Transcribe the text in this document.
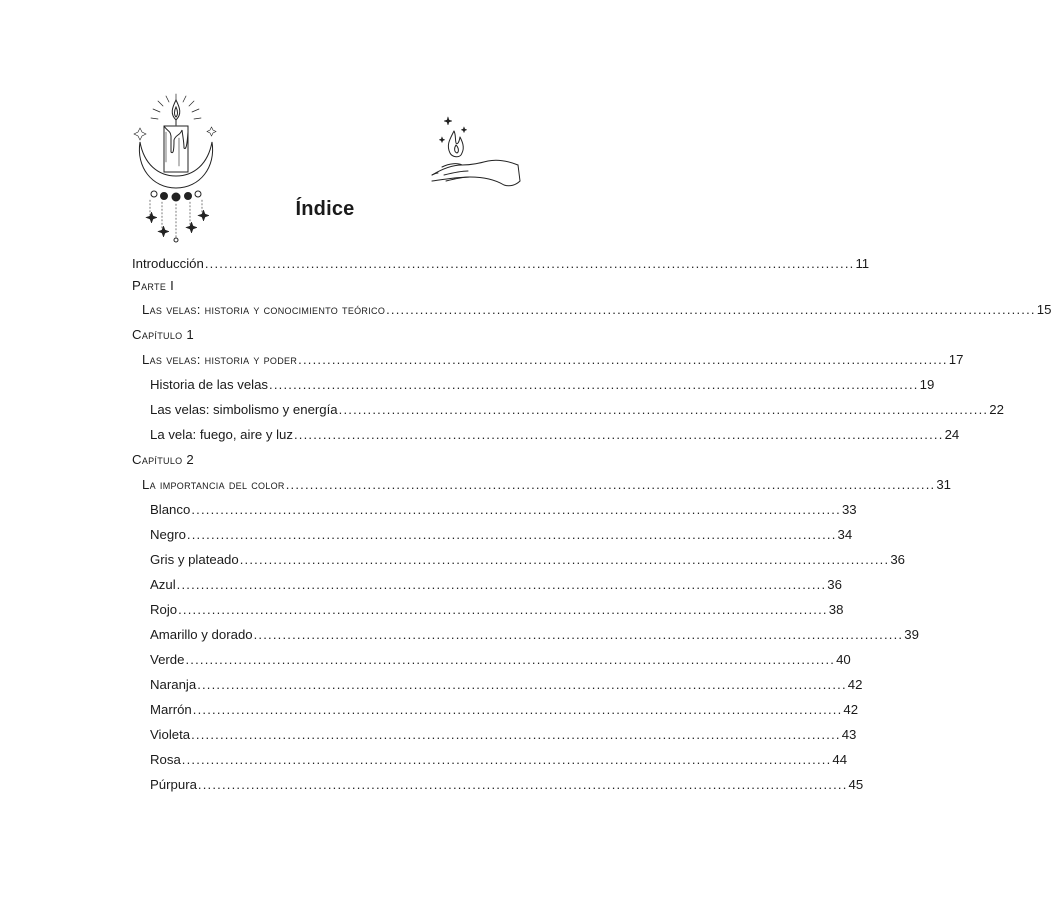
Índice
Introducción ....................................................................................................................................... 11
Parte I
Las velas: historia y conocimiento teórico ....................................................................................................................................... 15
Capítulo 1
Las velas: historia y poder ....................................................................................................................................... 17
Historia de las velas ....................................................................................................................................... 19
Las velas: simbolismo y energía ....................................................................................................................................... 22
La vela: fuego, aire y luz ....................................................................................................................................... 24
Capítulo 2
La importancia del color ....................................................................................................................................... 31
Blanco ....................................................................................................................................... 33
Negro ....................................................................................................................................... 34
Gris y plateado ....................................................................................................................................... 36
Azul ....................................................................................................................................... 36
Rojo ....................................................................................................................................... 38
Amarillo y dorado ....................................................................................................................................... 39
Verde ....................................................................................................................................... 40
Naranja ....................................................................................................................................... 42
Marrón ....................................................................................................................................... 42
Violeta ....................................................................................................................................... 43
Rosa ....................................................................................................................................... 44
Púrpura ....................................................................................................................................... 45
